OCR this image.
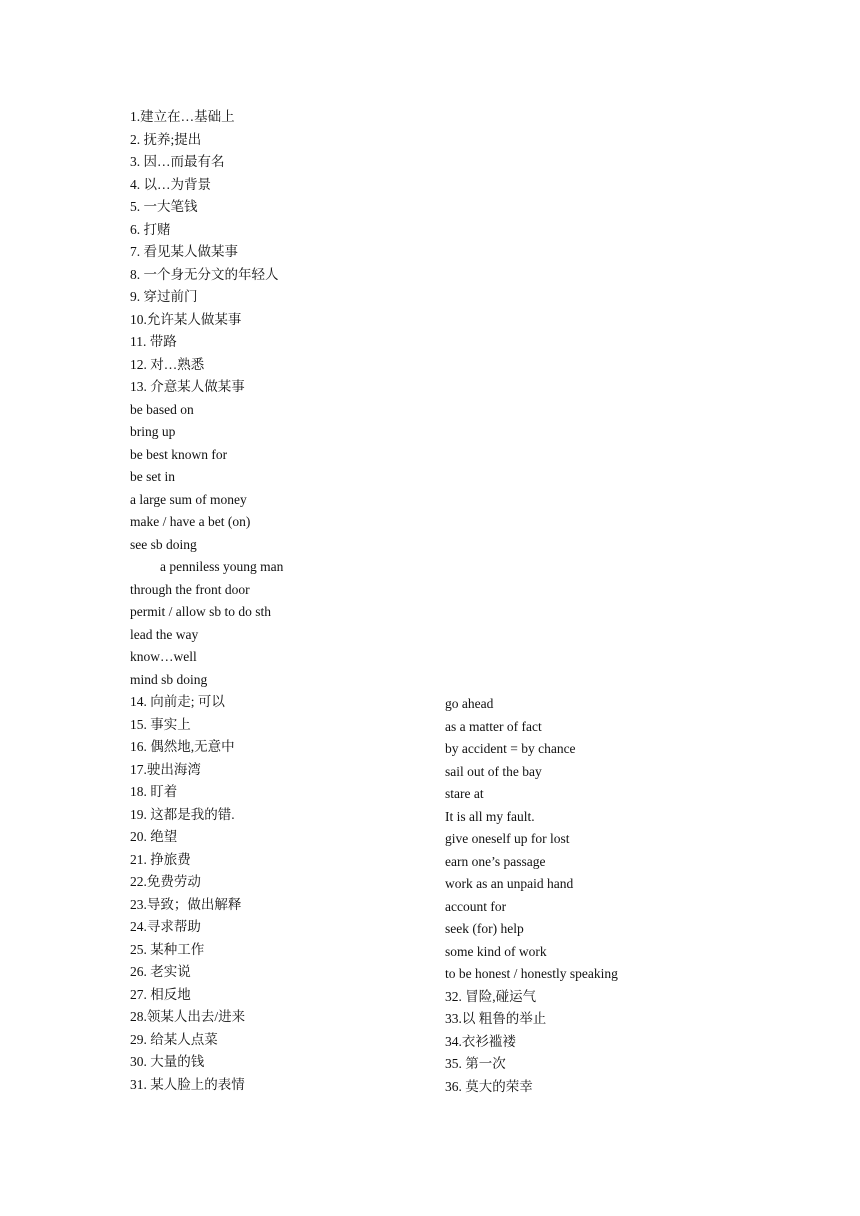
1.建立在…基础上
2. 抚养;提出
3. 因…而最有名
4. 以…为背景
5. 一大笔钱
6. 打赌
7. 看见某人做某事
8. 一个身无分文的年轻人
9. 穿过前门
10.允许某人做某事
11. 带路
12. 对…熟悉
13. 介意某人做某事
be based on
bring up
be best known for
be set in
a large sum of money
make / have a bet (on)
see sb doing
a penniless young man
through the front door
permit / allow sb to do sth
lead the way
know…well
mind sb doing
14. 向前走; 可以
15. 事实上
16. 偶然地,无意中
17.驶出海湾
18. 盯着
19. 这都是我的错.
20. 绝望
21. 挣旅费
22.免费劳动
23.导致；做出解释
24.寻求帮助
25. 某种工作
26. 老实说
27. 相反地
28.领某人出去/进来
29. 给某人点菜
30. 大量的钱
31. 某人脸上的表情
go ahead
as a matter of fact
by accident = by chance
sail out of the bay
stare at
It is all my fault.
give oneself up for lost
earn one’s passage
work as an unpaid hand
account for
seek (for) help
some kind of work
to be honest / honestly speaking
32. 冒险,碰运气
33.以 粗鲁的举止
34.衣衫褴褛
35. 第一次
36. 莫大的荣幸
